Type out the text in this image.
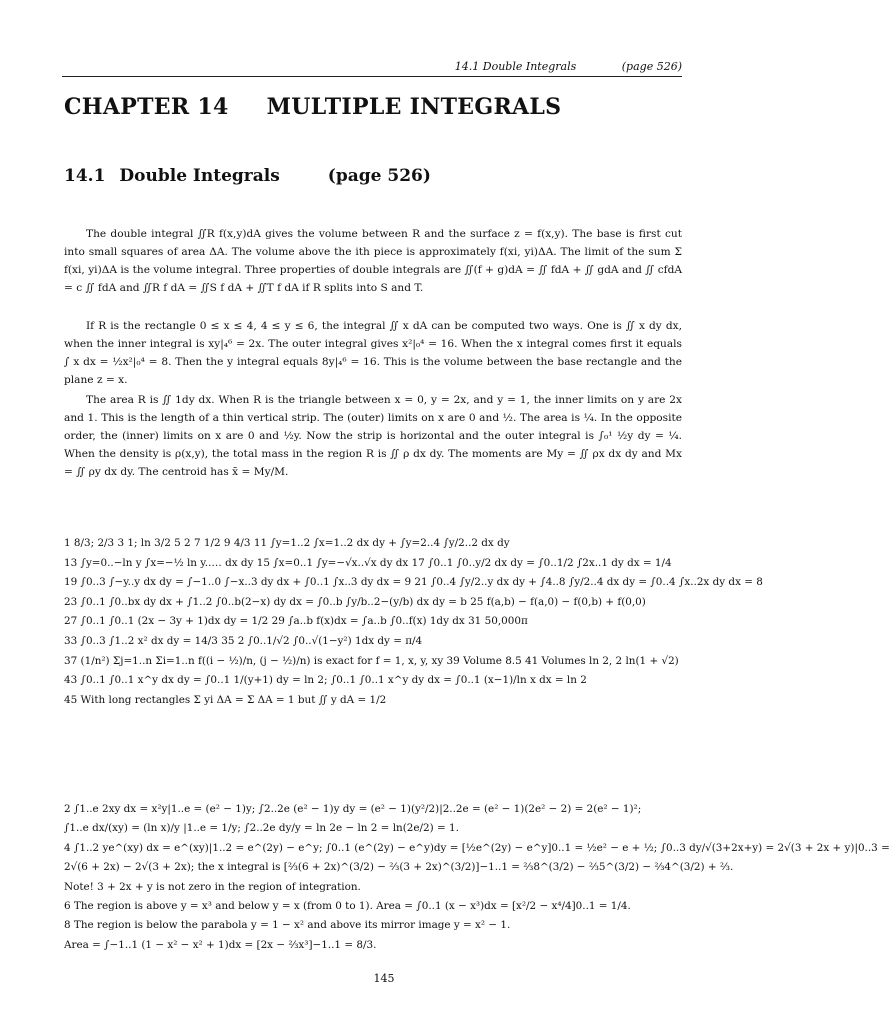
14.1 Double Integrals	(page 526)
CHAPTER 14 MULTIPLE INTEGRALS
14.1 Double Integrals	(page 526)

The double integral ∬R f(x,y)dA gives the volume between R and the surface z = f(x,y). The base is first cut into small squares of area ΔA. The volume above the ith piece is approximately f(xi, yi)ΔA. The limit of the sum Σ f(xi, yi)ΔA is the volume integral. Three properties of double integrals are ∬(f + g)dA = ∬ fdA + ∬ gdA and ∬ cfdA = c ∬ fdA and ∬R f dA = ∬S f dA + ∬T f dA if R splits into S and T.

If R is the rectangle 0 ≤ x ≤ 4, 4 ≤ y ≤ 6, the integral ∬ x dA can be computed two ways. One is ∬ x dy dx, when the inner integral is xy|₄⁶ = 2x. The outer integral gives x²|₀⁴ = 16. When the x integral comes first it equals ∫ x dx = ½x²|₀⁴ = 8. Then the y integral equals 8y|₄⁶ = 16. This is the volume between the base rectangle and the plane z = x.

The area R is ∬ 1dy dx. When R is the triangle between x = 0, y = 2x, and y = 1, the inner limits on y are 2x and 1. This is the length of a thin vertical strip. The (outer) limits on x are 0 and ½. The area is ¼. In the opposite order, the (inner) limits on x are 0 and ½y. Now the strip is horizontal and the outer integral is ∫₀¹ ½y dy = ¼. When the density is ρ(x,y), the total mass in the region R is ∬ ρ dx dy. The moments are My = ∬ ρx dx dy and Mx = ∬ ρy dx dy. The centroid has x̄ = My/M.

1 8/3; 2/3 3 1; ln 3/2 5 2 7 1/2 9 4/3 11 ∫y=1..2 ∫x=1..2 dx dy + ∫y=2..4 ∫y/2..2 dx dy
13 ∫y=0..−ln y ∫x=−½ ln y..… dx dy 15 ∫x=0..1 ∫y=−√x..√x dy dx 17 ∫0..1 ∫0..y/2 dx dy = ∫0..1/2 ∫2x..1 dy dx = 1/4
19 ∫0..3 ∫−y..y dx dy = ∫−1..0 ∫−x..3 dy dx + ∫0..1 ∫x..3 dy dx = 9 21 ∫0..4 ∫y/2..y dx dy + ∫4..8 ∫y/2..4 dx dy = ∫0..4 ∫x..2x dy dx = 8
23 ∫0..1 ∫0..bx dy dx + ∫1..2 ∫0..b(2−x) dy dx = ∫0..b ∫y/b..2−(y/b) dx dy = b 25 f(a,b) − f(a,0) − f(0,b) + f(0,0)
27 ∫0..1 ∫0..1 (2x − 3y + 1)dx dy = 1/2 29 ∫a..b f(x)dx = ∫a..b ∫0..f(x) 1dy dx 31 50,000π
33 ∫0..3 ∫1..2 x² dx dy = 14/3 35 2 ∫0..1/√2 ∫0..√(1−y²) 1dx dy = π/4
37 (1/n²) Σj=1..n Σi=1..n f((i − ½)/n, (j − ½)/n) is exact for f = 1, x, y, xy 39 Volume 8.5 41 Volumes ln 2, 2 ln(1 + √2)
43 ∫0..1 ∫0..1 x^y dx dy = ∫0..1 1/(y+1) dy = ln 2; ∫0..1 ∫0..1 x^y dy dx = ∫0..1 (x−1)/ln x dx = ln 2
45 With long rectangles Σ yi ΔA = Σ ΔA = 1 but ∬ y dA = 1/2
2 ∫1..e 2xy dx = x²y|1..e = (e² − 1)y; ∫2..2e (e² − 1)y dy = (e² − 1)(y²/2)|2..2e = (e² − 1)(2e² − 2) = 2(e² − 1)²;
∫1..e dx/(xy) = (ln x)/y |1..e = 1/y; ∫2..2e dy/y = ln 2e − ln 2 = ln(2e/2) = 1.
4 ∫1..2 ye^(xy) dx = e^(xy)|1..2 = e^(2y) − e^y; ∫0..1 (e^(2y) − e^y)dy = [½e^(2y) − e^y]0..1 = ½e² − e + ½; ∫0..3 dy/√(3+2x+y) = 2√(3 + 2x + y)|0..3 =
2√(6 + 2x) − 2√(3 + 2x); the x integral is [⅔(6 + 2x)^(3/2) − ⅔(3 + 2x)^(3/2)]−1..1 = ⅔8^(3/2) − ⅔5^(3/2) − ⅔4^(3/2) + ⅔.
Note! 3 + 2x + y is not zero in the region of integration.
6 The region is above y = x³ and below y = x (from 0 to 1). Area = ∫0..1 (x − x³)dx = [x²/2 − x⁴/4]0..1 = 1/4.
8 The region is below the parabola y = 1 − x² and above its mirror image y = x² − 1.
Area = ∫−1..1 (1 − x² − x² + 1)dx = [2x − ⅔x³]−1..1 = 8/3.
145
